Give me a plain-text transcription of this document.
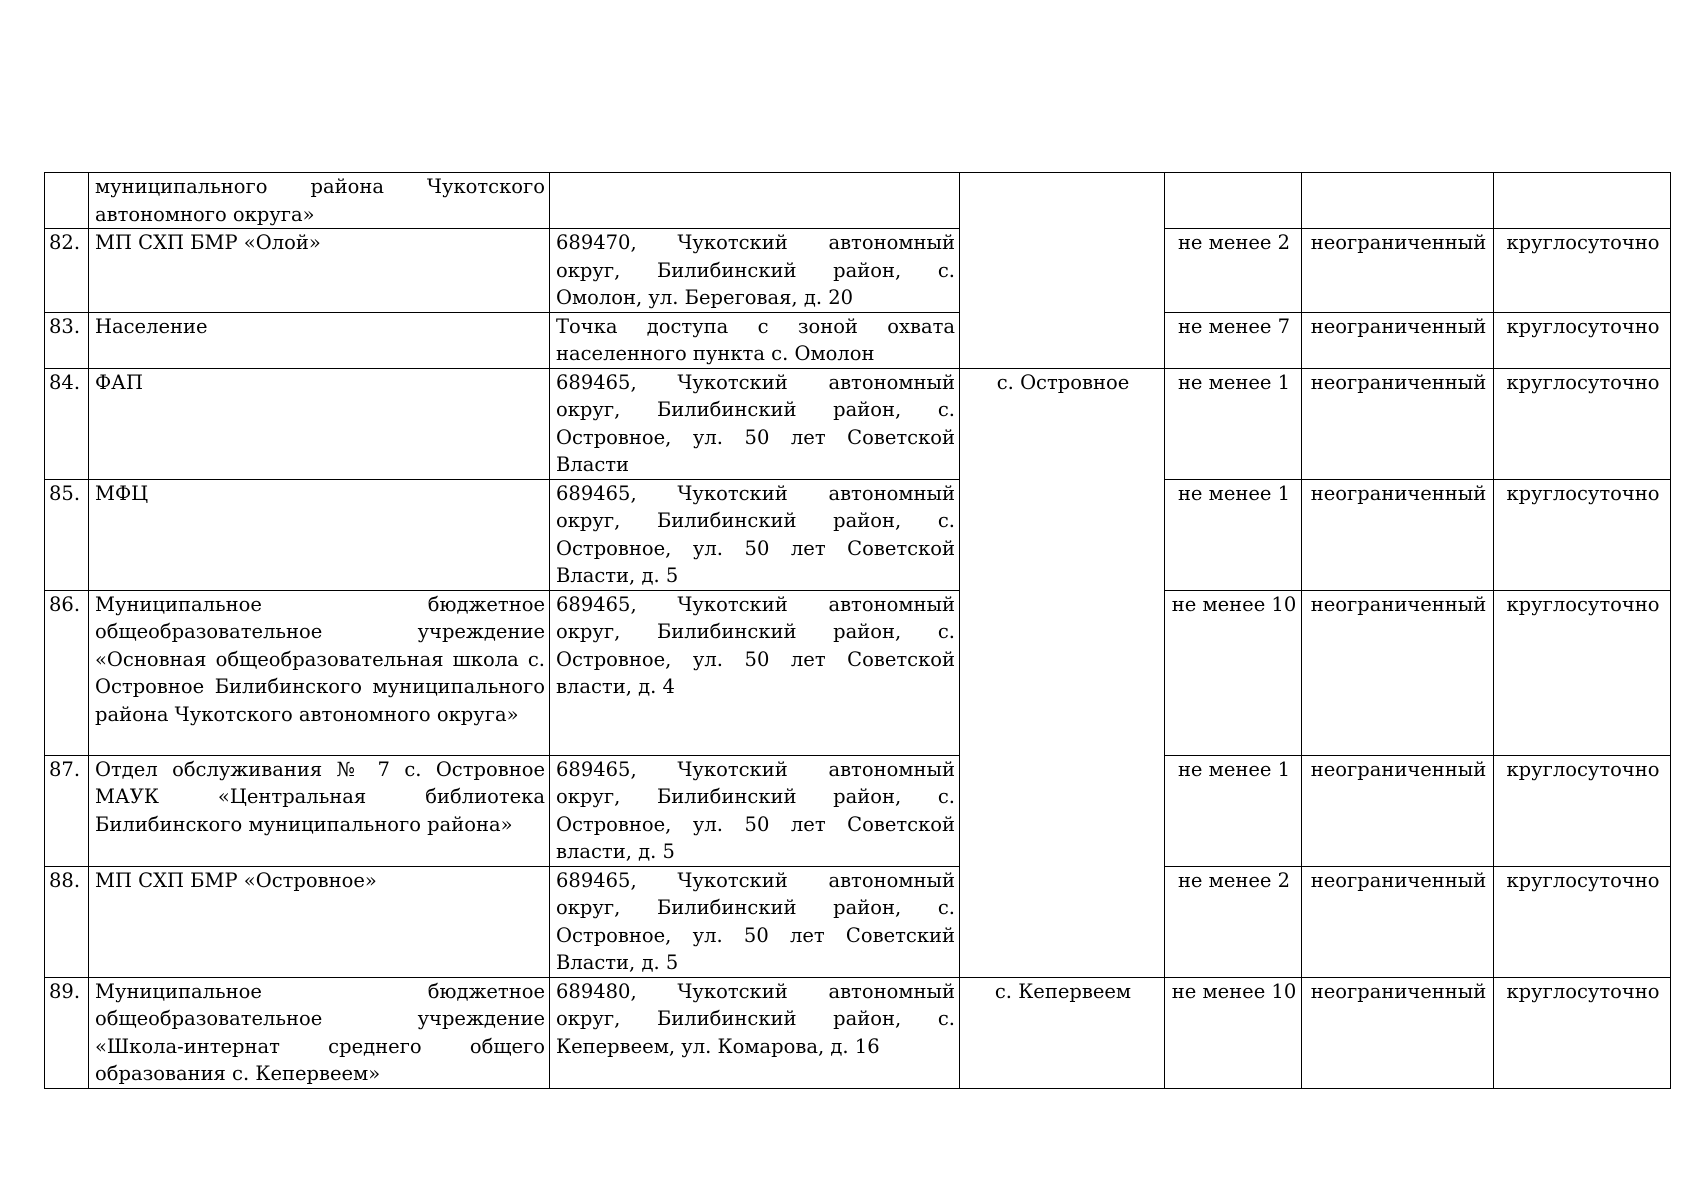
	муниципального района Чукотского автономного округа»					
82.	МП СХП БМР «Олой»	689470, Чукотский автономный округ, Билибинский район, с. Омолон, ул. Береговая, д. 20		не менее 2	неограниченный	круглосуточно
83.	Население	Точка доступа с зоной охвата населенного пункта с. Омолон		не менее 7	неограниченный	круглосуточно
84.	ФАП	689465, Чукотский автономный округ, Билибинский район, с. Островное, ул. 50 лет Советской Власти	с. Островное	не менее 1	неограниченный	круглосуточно
85.	МФЦ	689465, Чукотский автономный округ, Билибинский район, с. Островное, ул. 50 лет Советской Власти, д. 5		не менее 1	неограниченный	круглосуточно
86.	Муниципальное бюджетное общеобразовательное учреждение «Основная общеобразовательная школа с. Островное Билибинского муниципального района Чукотского автономного округа»	689465, Чукотский автономный округ, Билибинский район, с. Островное, ул. 50 лет Советской власти, д. 4		не менее 10	неограниченный	круглосуточно
87.	Отдел обслуживания № 7 с. Островное МАУК «Центральная библиотека Билибинского муниципального района»	689465, Чукотский автономный округ, Билибинский район, с. Островное, ул. 50 лет Советской власти, д. 5		не менее 1	неограниченный	круглосуточно
88.	МП СХП БМР «Островное»	689465, Чукотский автономный округ, Билибинский район, с. Островное, ул. 50 лет Советский Власти, д. 5		не менее 2	неограниченный	круглосуточно
89.	Муниципальное бюджетное общеобразовательное учреждение «Школа-интернат среднего общего образования с. Кепервеем»	689480, Чукотский автономный округ, Билибинский район, с. Кепервеем, ул. Комарова, д. 16	с. Кепервеем	не менее 10	неограниченный	круглосуточно
